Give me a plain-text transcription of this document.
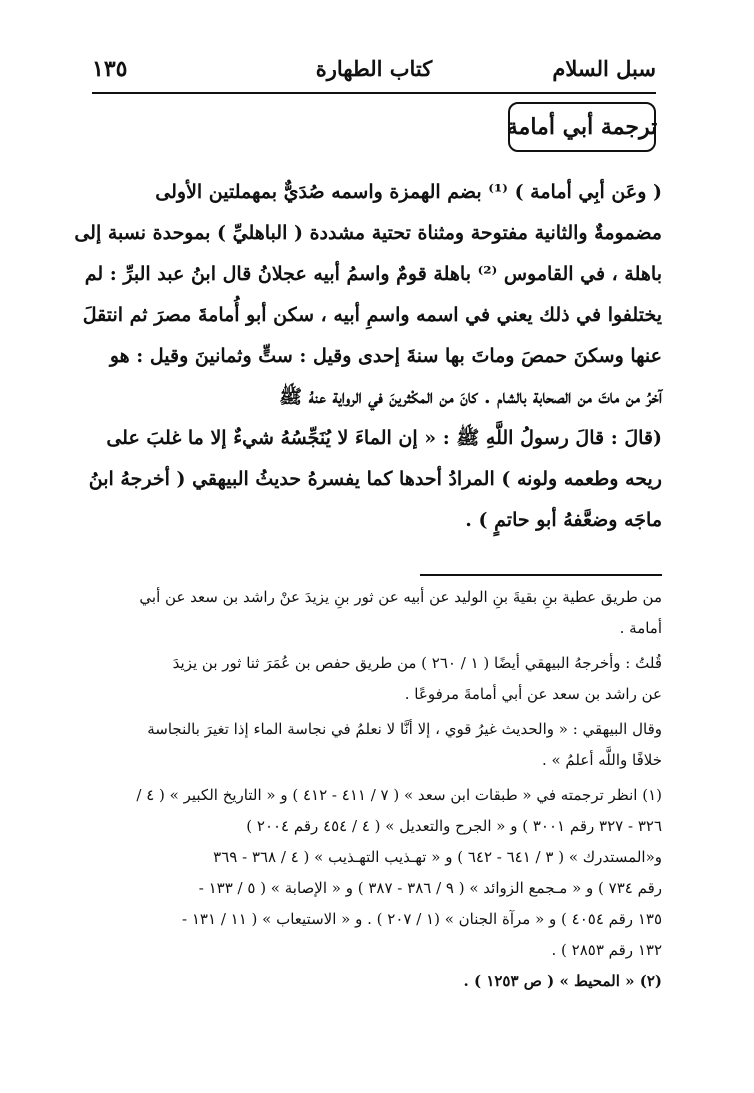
سبل السلام
كتاب الطهارة
١٣٥
ترجمة أبي أمامة

( وعَن أبِي أمامة ) ⁽¹⁾ بضم الهمزة واسمه صُدَيٌّ بمهملتين الأولى

مضمومةٌ والثانية مفتوحة ومثناة تحتية مشددة ( الباهليِّ ) بموحدة نسبة إلى

باهلة ، في القاموس ⁽²⁾ باهلة قومٌ واسمُ أبيه عجلانُ قال ابنُ عبد البرِّ : لم

يختلفوا في ذلك يعني في اسمه واسمِ أبيه ، سكن أبو أُمامةَ مصرَ ثم انتقلَ

عنها وسكنَ حمصَ وماتَ بها سنةَ إحدى وقيل : ستٍّ وثمانينَ وقيل : هو

آخرُ من ماتَ من الصحابة بالشام . كانَ من المكْثرينَ في الرواية عنهُ ﷺ

(قالَ : قالَ رسولُ اللَّهِ ﷺ : « إن الماءَ لا يُنَجِّسُهُ شيءٌ إلا ما غلبَ على

ريحه وطعمه ولونه ) المرادُ أحدها كما يفسرهُ حديثُ البيهقي ( أخرجهُ ابنُ

ماجَه وضعَّفهُ أبو حاتمٍ ) .

من طريق عطية بنِ بقيةَ بنِ الوليد عن أبيه عن ثور بنِ يزيدَ عنْ راشد بن سعد عن أبي

أمامة .

قُلتُ : وأخرجهُ البيهقي أيضًا ( ١ / ٢٦٠ ) من طريق حفص بن عُمَرَ ثنا ثور بن يزيدَ

عن راشد بن سعد عن أبي أمامةَ مرفوعًا .

وقال البيهقي : « والحديث غيرُ قوي ، إلا أنَّا لا نعلمُ في نجاسة الماء إذا تغيرَ بالنجاسة

خلافًا واللَّه أعلمُ » .

(١) انظر ترجمته في « طبقات ابن سعد » ( ٧ / ٤١١ - ٤١٢ ) و « التاريخ الكبير » ( ٤ /

٣٢٦ - ٣٢٧ رقم ٣٠٠١ ) و « الجرح والتعديل » ( ٤ / ٤٥٤ رقم ٢٠٠٤ )

و«المستدرك » ( ٣ / ٦٤١ - ٦٤٢ ) و « تهـذيب التهـذيب » ( ٤ / ٣٦٨ - ٣٦٩

رقم ٧٣٤ ) و « مـجمع الزوائد » ( ٩ / ٣٨٦ - ٣٨٧ ) و « الإصابة » ( ٥ / ١٣٣ -

١٣٥ رقم ٤٠٥٤ ) و « مرآة الجنان » (١ / ٢٠٧ ) . و « الاستيعاب » ( ١١ / ١٣١ -

١٣٢ رقم ٢٨٥٣ ) .

(٢) « المحيط » ( ص ١٢٥٣ ) .
